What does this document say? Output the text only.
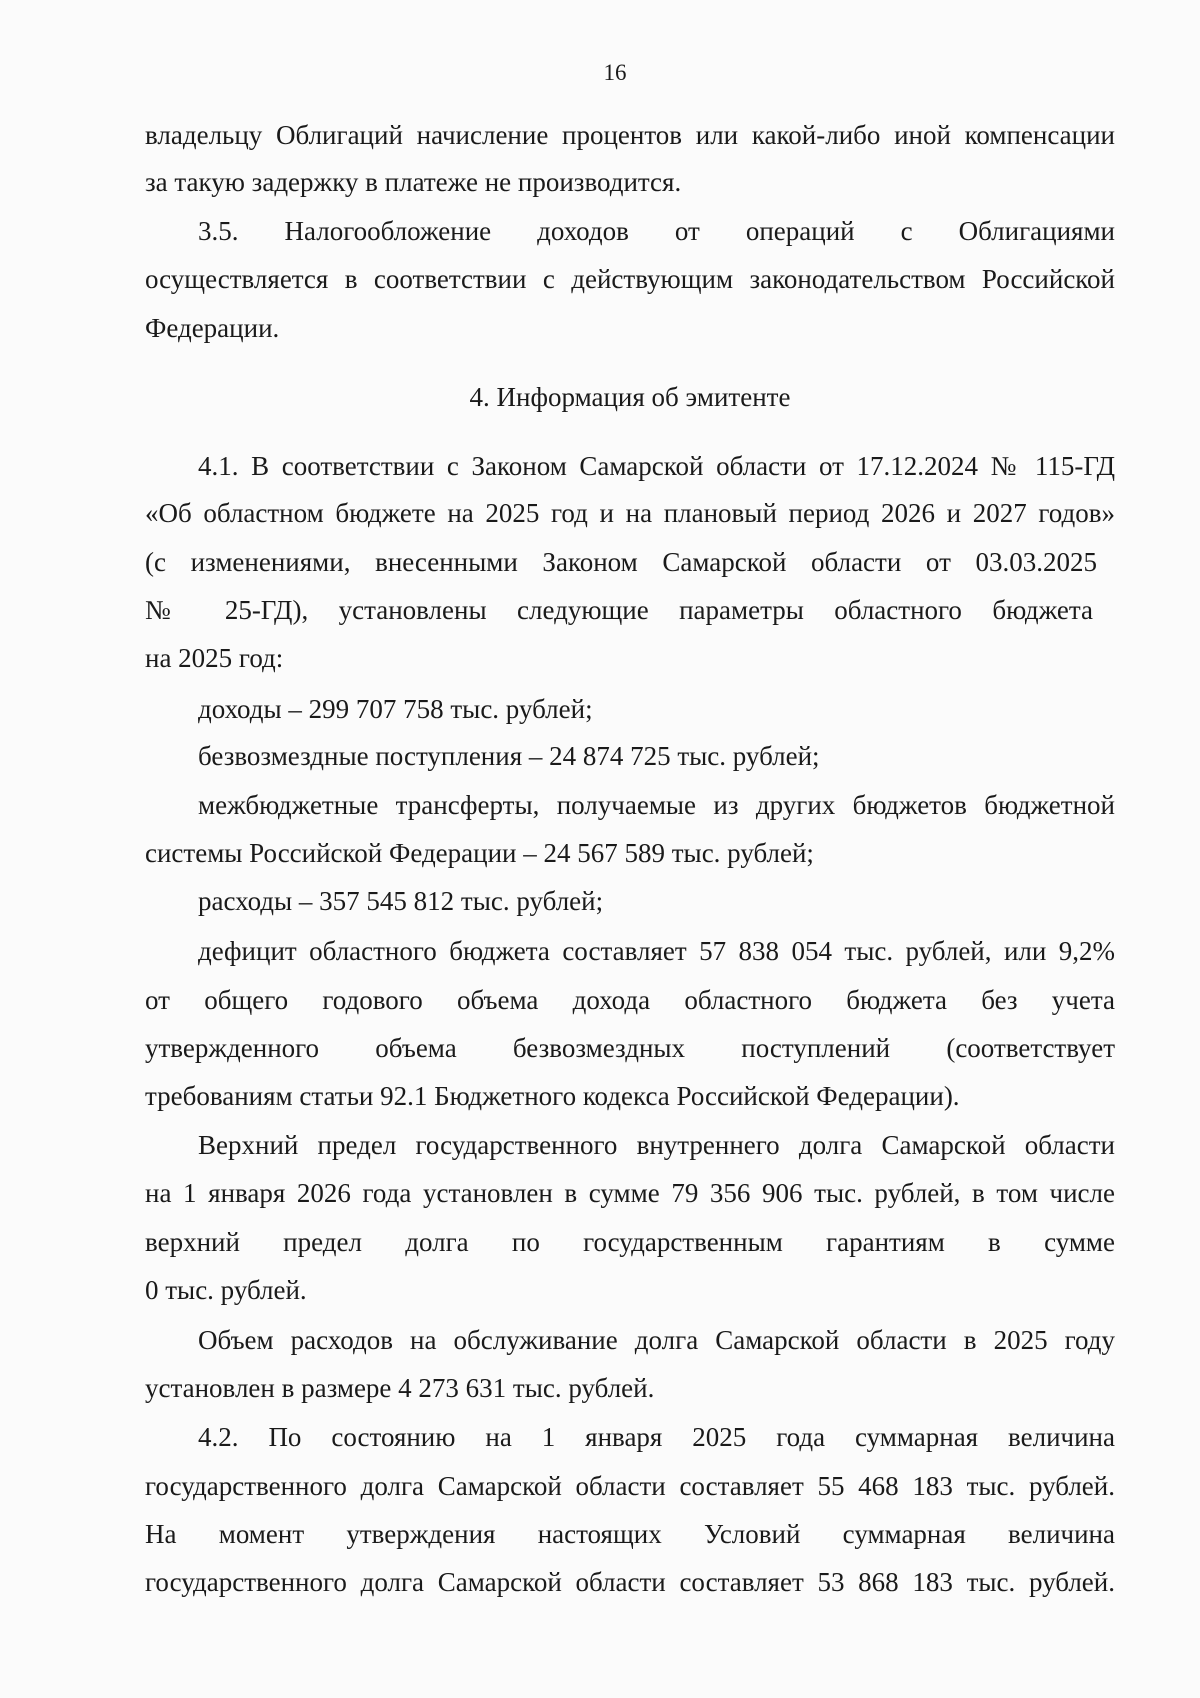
16
владельцу Облигаций начисление процентов или какой-либо иной компенсации
за такую задержку в платеже не производится.
3.5. Налогообложение доходов от операций с Облигациями
осуществляется в соответствии с действующим законодательством Российской
Федерации.
4. Информация об эмитенте
4.1. В соответствии с Законом Самарской области от 17.12.2024 № 115-ГД
«Об областном бюджете на 2025 год и на плановый период 2026 и 2027 годов»
(с изменениями, внесенными Законом Самарской области от 03.03.2025
№ 25-ГД), установлены следующие параметры областного бюджета
на 2025 год:
доходы – 299 707 758 тыс. рублей;
безвозмездные поступления – 24 874 725 тыс. рублей;
межбюджетные трансферты, получаемые из других бюджетов бюджетной
системы Российской Федерации – 24 567 589 тыс. рублей;
расходы – 357 545 812 тыс. рублей;
дефицит областного бюджета составляет 57 838 054 тыс. рублей, или 9,2%
от общего годового объема дохода областного бюджета без учета
утвержденного объема безвозмездных поступлений (соответствует
требованиям статьи 92.1 Бюджетного кодекса Российской Федерации).
Верхний предел государственного внутреннего долга Самарской области
на 1 января 2026 года установлен в сумме 79 356 906 тыс. рублей, в том числе
верхний предел долга по государственным гарантиям в сумме
0 тыс. рублей.
Объем расходов на обслуживание долга Самарской области в 2025 году
установлен в размере 4 273 631 тыс. рублей.
4.2. По состоянию на 1 января 2025 года суммарная величина
государственного долга Самарской области составляет 55 468 183 тыс. рублей.
На момент утверждения настоящих Условий суммарная величина
государственного долга Самарской области составляет 53 868 183 тыс. рублей.
